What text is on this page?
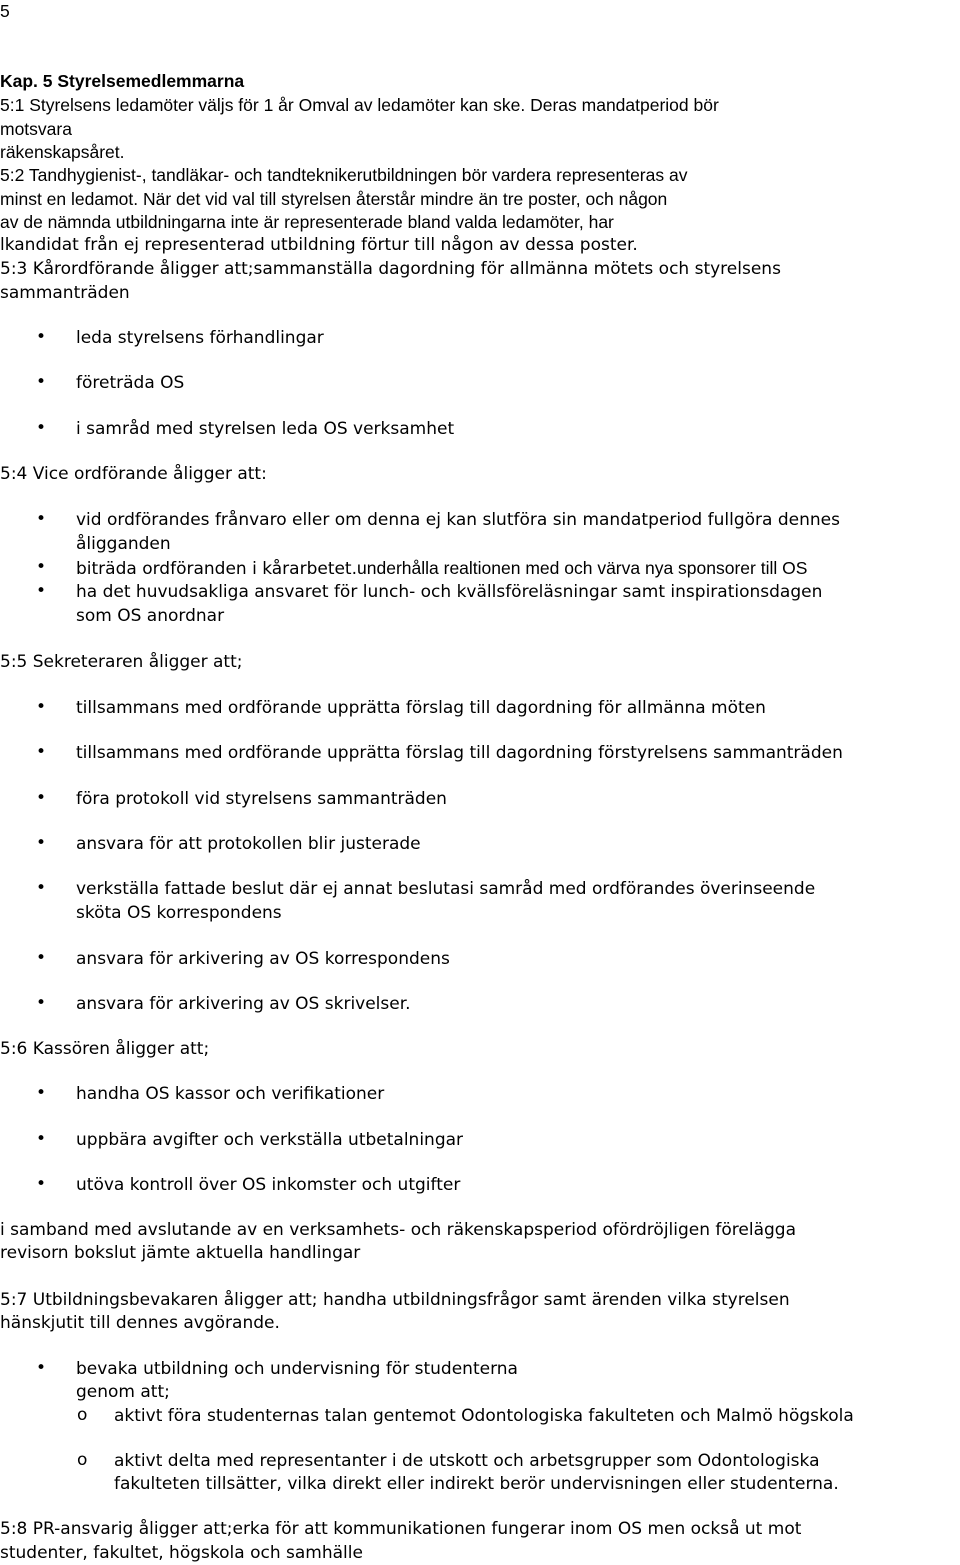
5
Kap. 5 Styrelsemedlemmarna
5:1 Styrelsens ledamöter väljs för 1 år Omval av ledamöter kan ske. Deras mandatperiod bör
motsvara
räkenskapsåret.
5:2 Tandhygienist-, tandläkar- och tandteknikerutbildningen bör vardera representeras av
minst en ledamot. När det vid val till styrelsen återstår mindre än tre poster, och någon
av de nämnda utbildningarna inte är representerade bland valda ledamöter, har
lkandidat från ej representerad utbildning förtur till någon av dessa poster.
5:3 Kårordförande åligger att;sammanställa dagordning för allmänna mötets och styrelsens
sammanträden
• leda styrelsens förhandlingar
• företräda OS
• i samråd med styrelsen leda OS verksamhet
5:4 Vice ordförande åligger att:
• vid ordförandes frånvaro eller om denna ej kan slutföra sin mandatperiod fullgöra dennes
åligganden
• biträda ordföranden i kårarbetet.underhålla realtionen med och värva nya sponsorer till OS
• ha det huvudsakliga ansvaret för lunch- och kvällsföreläsningar samt inspirationsdagen
som OS anordnar
5:5 Sekreteraren åligger att;
• tillsammans med ordförande upprätta förslag till dagordning för allmänna möten
• tillsammans med ordförande upprätta förslag till dagordning förstyrelsens sammanträden
• föra protokoll vid styrelsens sammanträden
• ansvara för att protokollen blir justerade
• verkställa fattade beslut där ej annat beslutasi samråd med ordförandes överinseende
sköta OS korrespondens
• ansvara för arkivering av OS korrespondens
• ansvara för arkivering av OS skrivelser.
5:6 Kassören åligger att;
• handha OS kassor och verifikationer
• uppbära avgifter och verkställa utbetalningar
• utöva kontroll över OS inkomster och utgifter
i samband med avslutande av en verksamhets- och räkenskapsperiod ofördröjligen förelägga
revisorn bokslut jämte aktuella handlingar
5:7 Utbildningsbevakaren åligger att; handha utbildningsfrågor samt ärenden vilka styrelsen
hänskjutit till dennes avgörande.
• bevaka utbildning och undervisning för studenterna
genom att;
o aktivt föra studenternas talan gentemot Odontologiska fakulteten och Malmö högskola
o aktivt delta med representanter i de utskott och arbetsgrupper som Odontologiska
fakulteten tillsätter, vilka direkt eller indirekt berör undervisningen eller studenterna.
5:8 PR-ansvarig åligger att;erka för att kommunikationen fungerar inom OS men också ut mot
studenter, fakultet, högskola och samhälle
